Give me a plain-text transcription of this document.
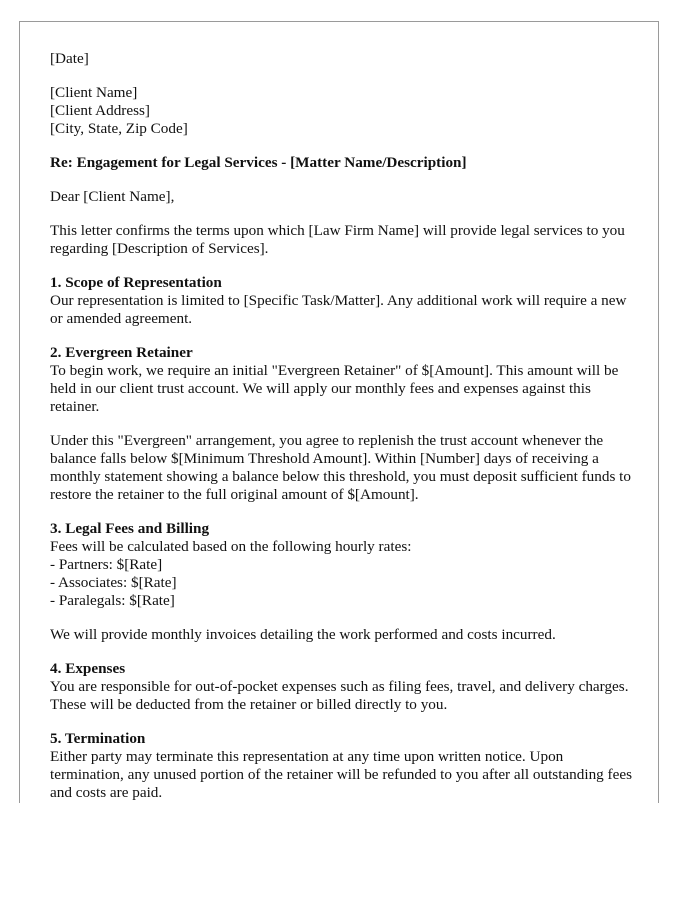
[Date]
[Client Name]
[Client Address]
[City, State, Zip Code]
Re: Engagement for Legal Services - [Matter Name/Description]
Dear [Client Name],

This letter confirms the terms upon which [Law Firm Name] will provide legal services to you regarding [Description of Services].

1. Scope of Representation

Our representation is limited to [Specific Task/Matter]. Any additional work will require a new or amended agreement.

2. Evergreen Retainer

To begin work, we require an initial "Evergreen Retainer" of $[Amount]. This amount will be held in our client trust account. We will apply our monthly fees and expenses against this retainer.

Under this "Evergreen" arrangement, you agree to replenish the trust account whenever the balance falls below $[Minimum Threshold Amount]. Within [Number] days of receiving a monthly statement showing a balance below this threshold, you must deposit sufficient funds to restore the retainer to the full original amount of $[Amount].

3. Legal Fees and Billing
Fees will be calculated based on the following hourly rates:
- Partners: $[Rate]
- Associates: $[Rate]
- Paralegals: $[Rate]

We will provide monthly invoices detailing the work performed and costs incurred.

4. Expenses

You are responsible for out-of-pocket expenses such as filing fees, travel, and delivery charges. These will be deducted from the retainer or billed directly to you.

5. Termination

Either party may terminate this representation at any time upon written notice. Upon termination, any unused portion of the retainer will be refunded to you after all outstanding fees and costs are paid.
